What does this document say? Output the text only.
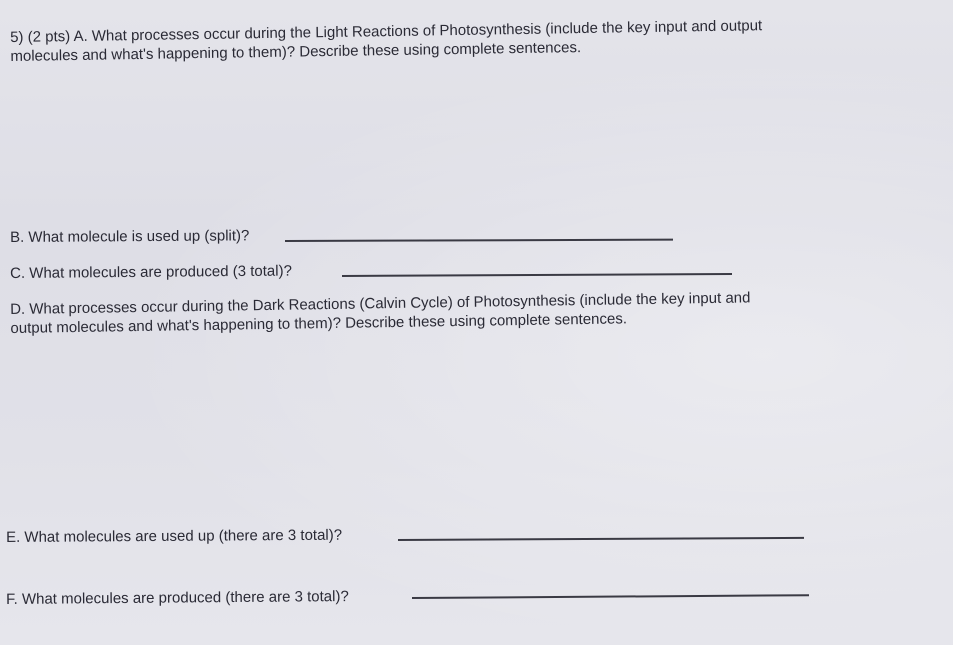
5) (2 pts) A. What processes occur during the Light Reactions of Photosynthesis (include the key input and output
molecules and what's happening to them)? Describe these using complete sentences.
B. What molecule is used up (split)?
C. What molecules are produced (3 total)?
D. What processes occur during the Dark Reactions (Calvin Cycle) of Photosynthesis (include the key input and
output molecules and what's happening to them)? Describe these using complete sentences.
E. What molecules are used up (there are 3 total)?
F. What molecules are produced (there are 3 total)?
